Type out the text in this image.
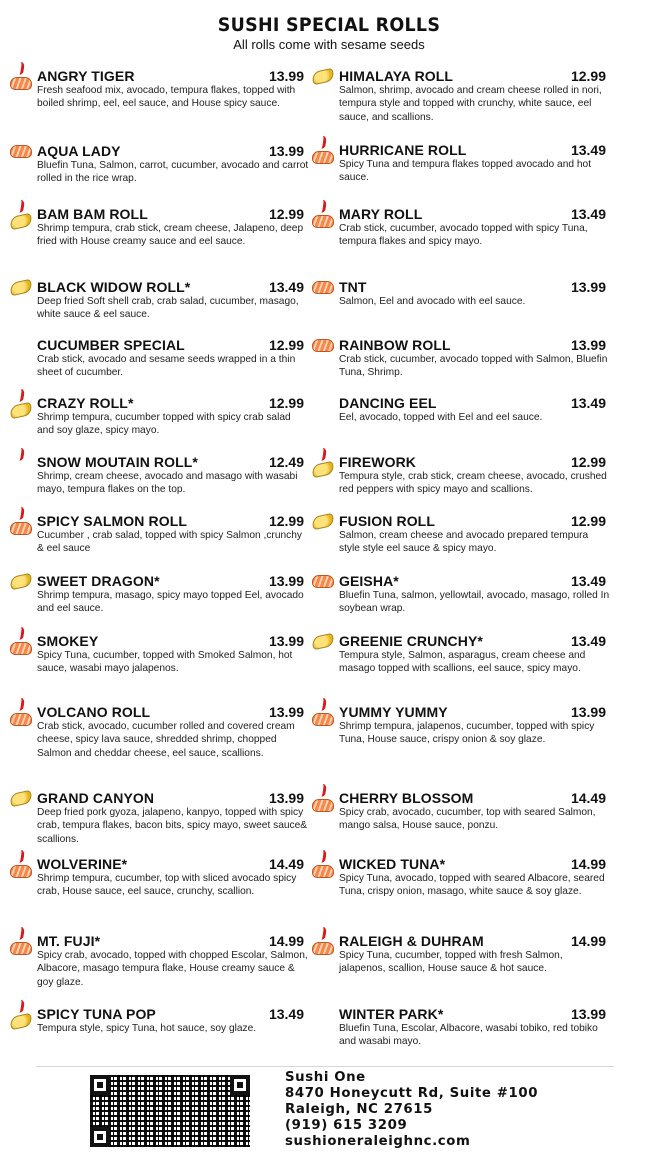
SUSHI SPECIAL ROLLS
All rolls come with sesame seeds
ANGRY TIGER	13.99
Fresh seafood mix, avocado, tempura flakes, topped with boiled shrimp, eel, eel sauce, and House spicy sauce.
AQUA LADY	13.99
Bluefin Tuna, Salmon, carrot, cucumber, avocado and carrot rolled in the rice wrap.
BAM BAM ROLL	12.99
Shrimp tempura, crab stick, cream cheese, Jalapeno, deep fried with House creamy sauce and eel sauce.
BLACK WIDOW ROLL*	13.49
Deep fried Soft shell crab, crab salad, cucumber, masago, white sauce & eel sauce.
CUCUMBER SPECIAL	12.99
Crab stick, avocado and sesame seeds wrapped in a thin sheet of cucumber.
CRAZY ROLL*	12.99
Shrimp tempura, cucumber topped with spicy crab salad and soy glaze, spicy mayo.
SNOW MOUTAIN ROLL*	12.49
Shrimp, cream cheese, avocado and masago with wasabi mayo, tempura flakes on the top.
SPICY SALMON ROLL	12.99
Cucumber , crab salad, topped with spicy Salmon ,crunchy & eel sauce
SWEET DRAGON*	13.99
Shrimp tempura, masago, spicy mayo topped Eel, avocado and eel sauce.
SMOKEY	13.99
Spicy Tuna, cucumber, topped with Smoked Salmon, hot sauce, wasabi mayo jalapenos.
VOLCANO ROLL	13.99
Crab stick, avocado, cucumber rolled and covered cream cheese, spicy lava sauce, shredded shrimp, chopped Salmon and cheddar cheese, eel sauce, scallions.
GRAND CANYON	13.99
Deep fried pork gyoza, jalapeno, kanpyo, topped with spicy crab, tempura flakes, bacon bits, spicy mayo, sweet sauce& scallions.
WOLVERINE*	14.49
Shrimp tempura, cucumber, top with sliced avocado spicy crab, House sauce, eel sauce, crunchy, scallion.
MT. FUJI*	14.99
Spicy crab, avocado, topped with chopped Escolar, Salmon, Albacore, masago tempura flake, House creamy sauce & goy glaze.
SPICY TUNA POP	13.49
Tempura style, spicy Tuna, hot sauce, soy glaze.
HIMALAYA ROLL	12.99
Salmon, shrimp, avocado and cream cheese rolled in nori, tempura style and topped with crunchy, white sauce, eel sauce, and scallions.
HURRICANE ROLL	13.49
Spicy Tuna and tempura flakes topped avocado and hot sauce.
MARY ROLL	13.49
Crab stick, cucumber, avocado topped with spicy Tuna, tempura flakes and spicy mayo.
TNT	13.99
Salmon, Eel and avocado with eel sauce.
RAINBOW ROLL	13.99
Crab stick, cucumber, avocado topped with Salmon, Bluefin Tuna, Shrimp.
DANCING EEL	13.49
Eel, avocado, topped with Eel and eel sauce.
FIREWORK	12.99
Tempura style, crab stick, cream cheese, avocado, crushed red peppers with spicy mayo and scallions.
FUSION ROLL	12.99
Salmon, cream cheese and avocado prepared tempura style style eel sauce & spicy mayo.
GEISHA*	13.49
Bluefin Tuna, salmon, yellowtail, avocado, masago, rolled In soybean wrap.
GREENIE CRUNCHY*	13.49
Tempura style, Salmon, asparagus, cream cheese and masago topped with scallions, eel sauce, spicy mayo.
YUMMY YUMMY	13.99
Shrimp tempura, jalapenos, cucumber, topped with spicy Tuna, House sauce, crispy onion & soy glaze.
CHERRY BLOSSOM	14.49
Spicy crab, avocado, cucumber, top with seared Salmon, mango salsa, House sauce, ponzu.
WICKED TUNA*	14.99
Spicy Tuna, avocado, topped with seared Albacore, seared Tuna, crispy onion, masago, white sauce & soy glaze.
RALEIGH & DUHRAM	14.99
Spicy Tuna, cucumber, topped with fresh Salmon, jalapenos, scallion, House sauce & hot sauce.
WINTER PARK*	13.99
Bluefin Tuna, Escolar, Albacore, wasabi tobiko, red tobiko and wasabi mayo.
Sushi One
8470 Honeycutt Rd, Suite #100
Raleigh, NC 27615
(919) 615 3209
sushioneraleighnc.com
